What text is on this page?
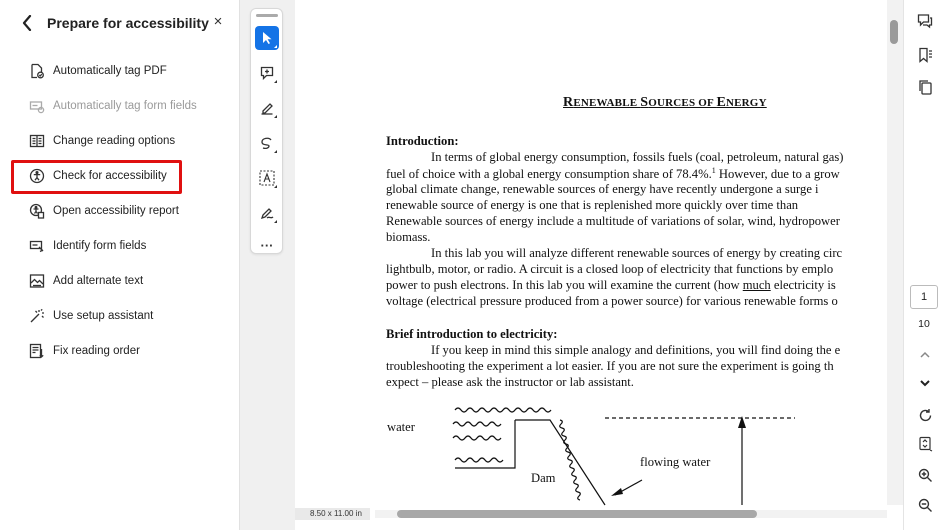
Prepare for accessibility ×
Automatically tag PDF
Automatically tag form fields
Change reading options
Check for accessibility
Open accessibility report
Identify form fields
Add alternate text
Use setup assistant
Fix reading order
···
RENEWABLE SOURCES OF ENERGY
Introduction:
In terms of global energy consumption, fossils fuels (coal, petroleum, natural gas)
fuel of choice with a global energy consumption share of 78.4%.$^1$ However, due to a grow
global climate change, renewable sources of energy have recently undergone a surge i
renewable source of energy is one that is replenished more quickly over time than
Renewable sources of energy include a multitude of variations of solar, wind, hydropower
biomass.
In this lab you will analyze different renewable sources of energy by creating circ
lightbulb, motor, or radio. A circuit is a closed loop of electricity that functions by emplo
power to push electrons. In this lab you will examine the current (how much electricity is
voltage (electrical pressure produced from a power source) for various renewable forms o
Brief introduction to electricity:
If you keep in mind this simple analogy and definitions, you will find doing the e
troubleshooting the experiment a lot easier. If you are not sure the experiment is going th
expect – please ask the instructor or lab assistant.
water
Dam
flowing water
8.50 x 11.00 in
1
10
